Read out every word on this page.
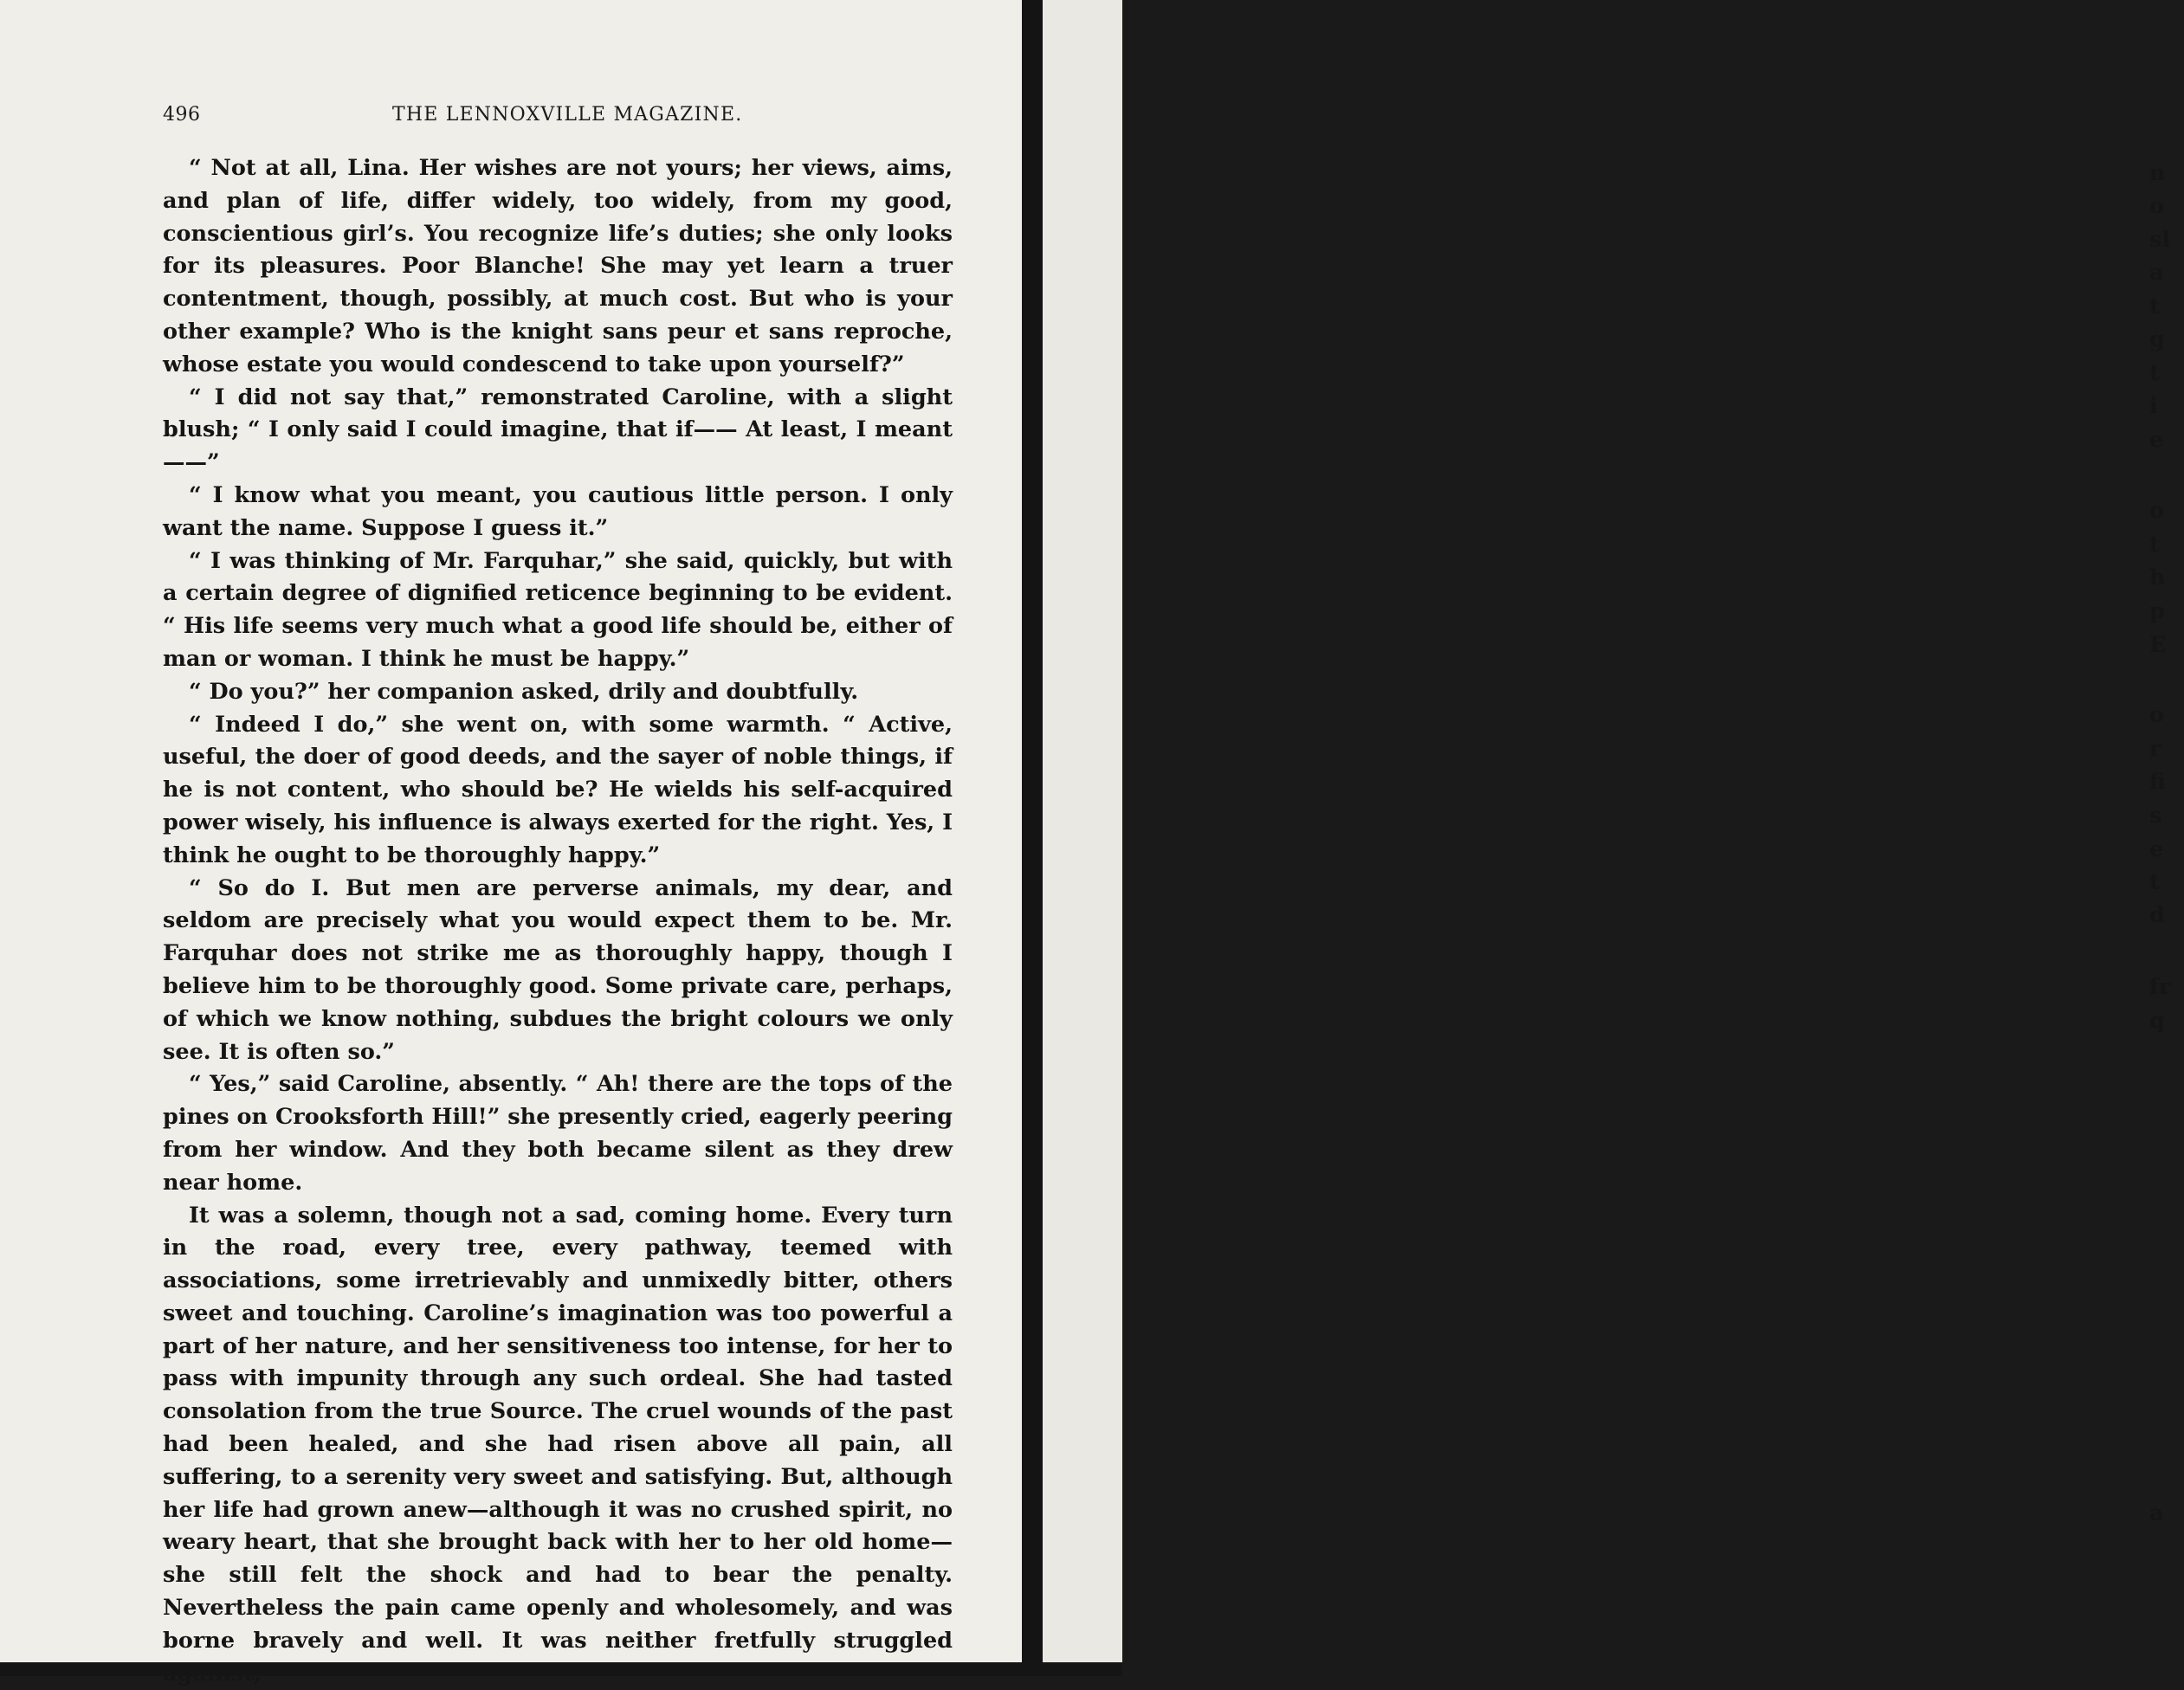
496	THE LENNOXVILLE MAGAZINE.

“ Not at all, Lina. Her wishes are not yours; her views, aims, and plan of life, differ widely, too widely, from my good, conscientious girl’s. You recognize life’s duties; she only looks for its pleasures. Poor Blanche! She may yet learn a truer contentment, though, possibly, at much cost. But who is your other example? Who is the knight sans peur et sans reproche, whose estate you would condescend to take upon yourself?”

“ I did not say that,” remonstrated Caroline, with a slight blush; “ I only said I could imagine, that if—— At least, I meant——”

“ I know what you meant, you cautious little person. I only want the name. Suppose I guess it.”

“ I was thinking of Mr. Farquhar,” she said, quickly, but with a certain degree of dignified reticence beginning to be evident. “ His life seems very much what a good life should be, either of man or woman. I think he must be happy.”

“ Do you?” her companion asked, drily and doubtfully.

“ Indeed I do,” she went on, with some warmth. “ Active, useful, the doer of good deeds, and the sayer of noble things, if he is not content, who should be? He wields his self-acquired power wisely, his influence is always exerted for the right. Yes, I think he ought to be thoroughly happy.”

“ So do I. But men are perverse animals, my dear, and seldom are precisely what you would expect them to be. Mr. Farquhar does not strike me as thoroughly happy, though I believe him to be thoroughly good. Some private care, perhaps, of which we know nothing, subdues the bright colours we only see. It is often so.”

“ Yes,” said Caroline, absently. “ Ah! there are the tops of the pines on Crooksforth Hill!” she presently cried, eagerly peering from her window. And they both became silent as they drew near home.

It was a solemn, though not a sad, coming home. Every turn in the road, every tree, every pathway, teemed with associations, some irretrievably and unmixedly bitter, others sweet and touching. Caroline’s imagination was too powerful a part of her nature, and her sensitiveness too intense, for her to pass with impunity through any such ordeal. She had tasted consolation from the true Source. The cruel wounds of the past had been healed, and she had risen above all pain, all suffering, to a serenity very sweet and satisfying. But, although her life had grown anew—although it was no crushed spirit, no weary heart, that she brought back with her to her old home—she still felt the shock and had to bear the penalty. Nevertheless the pain came openly and wholesomely, and was borne bravely and well. It was neither fretfully struggled

n
o
sl
a
t
g
t
i
e
o
t
h
p
E
o
r
fi
s
e
t
d
fr
q
a
